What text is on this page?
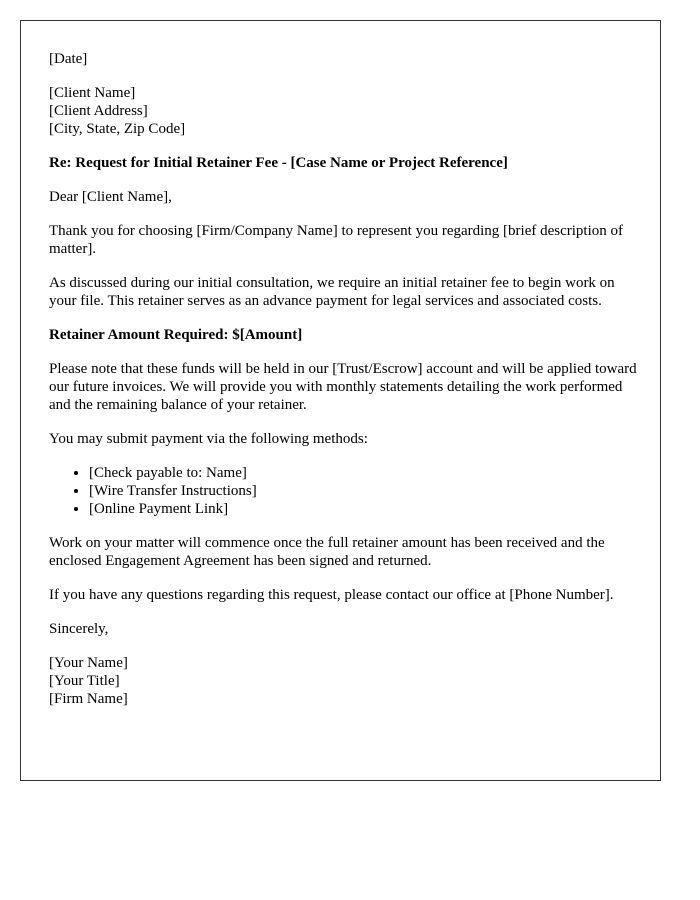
[Date]

[Client Name]
[Client Address]
[City, State, Zip Code]

Re: Request for Initial Retainer Fee - [Case Name or Project Reference]

Dear [Client Name],

Thank you for choosing [Firm/Company Name] to represent you regarding [brief description of matter].

As discussed during our initial consultation, we require an initial retainer fee to begin work on your file. This retainer serves as an advance payment for legal services and associated costs.

Retainer Amount Required: $[Amount]

Please note that these funds will be held in our [Trust/Escrow] account and will be applied toward our future invoices. We will provide you with monthly statements detailing the work performed and the remaining balance of your retainer.

You may submit payment via the following methods:

• [Check payable to: Name]
• [Wire Transfer Instructions]
• [Online Payment Link]

Work on your matter will commence once the full retainer amount has been received and the enclosed Engagement Agreement has been signed and returned.

If you have any questions regarding this request, please contact our office at [Phone Number].

Sincerely,

[Your Name]
[Your Title]
[Firm Name]
